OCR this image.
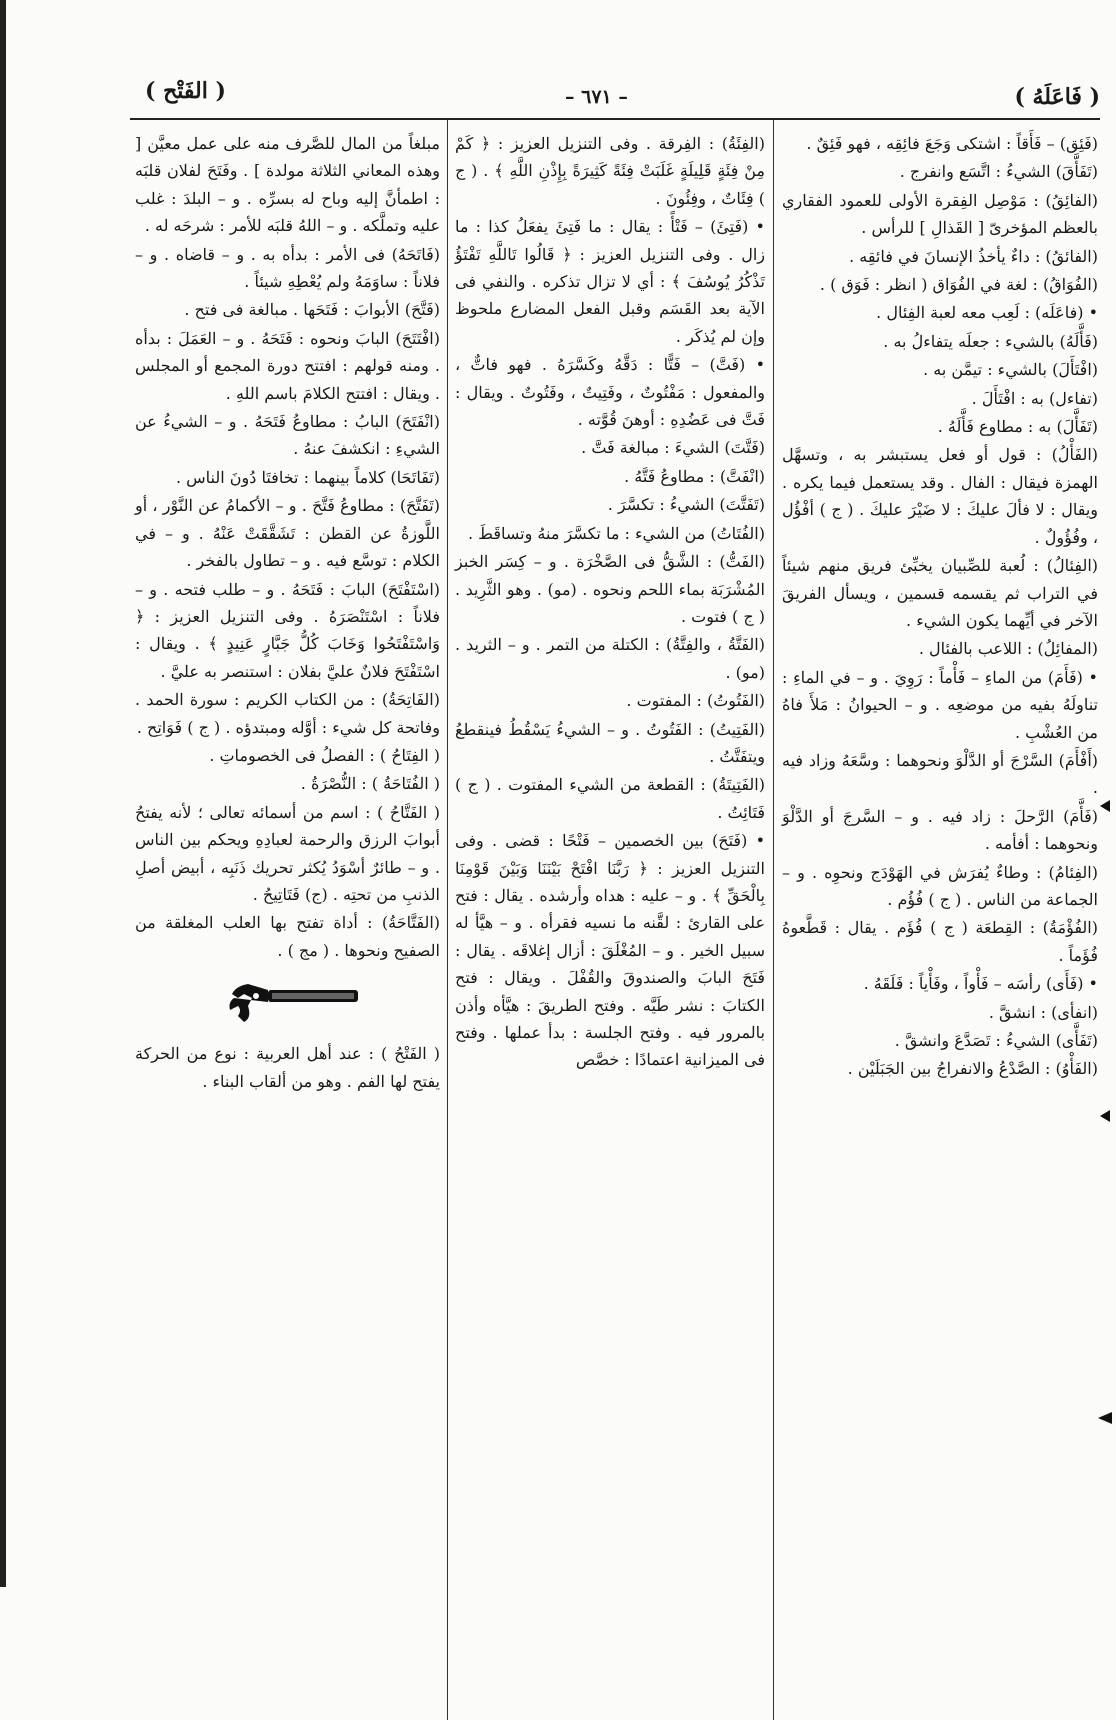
( الفَتْح )	– ٦٧١ –	( فَاعَلَهُ )

(فَئِق) – فَأَقاً : اشتكى وَجَعَ فائِقِه ، فهو فَئِقٌ .

(تَفَأَّقَ) الشيءُ : اتَّسَع وانفرج .

(الفائِقُ) : مَوْصِل الفِقرة الأولى للعمود الفقاري بالعظم المؤخرىّ [ القَذالِ ] للرأس .

(الفائقُ) : داءٌ يأخذُ الإنسانَ في فائقِه .

(الفُوَاقُ) : لغة في الفُوَاق ( انظر : فَوَق ) .

• (فاعَلَه) : لَعِب معه لعبة الفِئال .

(فَأَّلَهُ) بالشيء : جعلَه يتفاءلُ به .

(افْتَأَلَ) بالشيء : تيمَّن به .

(تفاءل) به : افْتَأَلَ .

(تَفَأَّلَ) به : مطاوع فَأَّلَهُ .

(الفَأْلُ) : قول أو فعل يستبشر به ، وتسهَّل الهمزة فيقال : الفال . وقد يستعمل فيما يكره . ويقال : لا فألَ عليكَ : لا ضَيْرَ عليكَ . ( ج ) أفْؤُل ، وفُؤُولٌ .

(الفِئالُ) : لُعبة للصِّبيان يخبِّئ فريق منهم شيئاً في التراب ثم يقسمه قسمين ، ويسأل الفريقَ الآخر في أيِّهما يكون الشيء .

(المفائِلُ) : اللاعب بالفئال .

• (فَأَمَ) من الماءِ – فَأْماً : رَوِيَ . و – في الماءِ : تناولَهُ بفيه من موضعِه . و – الحيوانُ : مَلأَ فاهُ من العُشْبِ .

(أَفْأَمَ) السَّرْجَ أو الدَّلْوَ ونحوهما : وسَّعَهُ وزاد فيه .

(فَأَّمَ) الرَّحلَ : زاد فيه . و – السَّرجَ أو الدَّلْوَ ونحوهما : أفأمه .

(الفِئامُ) : وطاءٌ يُفرَش في الهَوْدَج ونحوِه . و – الجماعة من الناس . ( ج ) فُؤُم .

(الفُؤْمَةُ) : القِطعَة ( ج ) فُؤَم . يقال : قَطَّعوهُ فُؤَماً .

• (فَأَى) رأسَه – فَأْواً ، وفَأْياً : فَلَقَهُ .

(انفأى) : انشقَّ .

(تَفَأَّى) الشيءُ : تَصَدَّعَ وانشقَّ .

(الفَأْوُ) : الصَّدْعُ والانفراجُ بين الجَبَلَيْن .

(الفِئَةُ) : الفِرقة . وفى التنزيل العزيز : ﴿ كَمْ مِنْ فِئَةٍ قَلِيلَةٍ غَلَبَتْ فِئَةً كَثِيرَةً بِإِذْنِ اللَّهِ ﴾ . ( ج ) فِئَاتٌ ، وفِئُونَ .

• (فَتِئَ) – فَتْأً : يقال : ما فَتِئَ يفعَلُ كذا : ما زال . وفى التنزيل العزيز : ﴿ قَالُوا تَاللَّهِ تَفْتَؤُ تَذْكُرُ يُوسُفَ ﴾ : أي لا تزال تذكره . والنفي فى الآية بعد القَسَم وقبل الفعل المضارع ملحوظ وإن لم يُذكَر .

• (فَتَّ) – فَتًّا : دَقَّهُ وكَسَّرَهُ . فهو فاتٌّ ، والمفعول : مَفْتُوتٌ ، وفَتِيتٌ ، وفَتُوتٌ . ويقال : فَتَّ فى عَضُدِهِ : أوهنَ قُوَّته .

(فَتَّتَ) الشيءَ : مبالغة فَتَّ .

(انْفَتَّ) : مطاوعُ فَتَّهُ .

(تَفَتَّتَ) الشيءُ : تكسَّرَ .

(الفُتَاتُ) من الشيء : ما تكسَّرَ منهُ وتساقَطَ .

(الفَتُّ) : الشَّقُّ فى الصَّخْرَة . و – كِسَر الخبز المُشْرَبَة بماء اللحم ونحوه . (مو) . وهو الثَّرِيد . ( ج ) فتوت .

(الفَتَّةُ ، والفِتَّةُ) : الكتلة من التمر . و – الثريد . (مو) .

(الفَتُوتُ) : المفتوت .

(الفَتِيتُ) : الفَتُوتُ . و – الشيءُ يَسْقُطُ فينقطعُ ويتفَتَّتُ .

(الفَتِيتَةُ) : القطعة من الشيء المفتوت . ( ج ) فَتَائِتُ .

• (فَتَحَ) بين الخصمين – فَتْحًا : قضى . وفى التنزيل العزيز : ﴿ رَبَّنَا افْتَحْ بَيْنَنَا وَبَيْنَ قَوْمِنَا بِالْحَقِّ ﴾ . و – عليه : هداه وأرشده . يقال : فتح على القارئ : لقَّنه ما نسيه فقرأه . و – هيَّأ له سبيل الخير . و – المُغْلَقَ : أزال إغلاقَه . يقال : فَتَحَ البابَ والصندوقَ والقُفْلَ . ويقال : فتح الكتابَ : نشر طَيَّه . وفتح الطريقَ : هيَّأه وأذن بالمرور فيه . وفتح الجلسة : بدأ عملها . وفتح فى الميزانية اعتمادًا : خصَّص

مبلغاً من المال للصَّرف منه على عمل معيَّن [ وهذه المعاني الثلاثة مولدة ] . وفَتَحَ لفلان قلبَه : اطمأنَّ إليه وباح له بسرِّه . و – البلدَ : غلب عليه وتملَّكه . و – اللهُ قلبَه للأمر : شرحَه له .

(فَاتَحَهُ) فى الأمر : بدأه به . و – قاضاه . و – فلاناً : ساوَمَهُ ولم يُعْطِهِ شيئاً .

(فَتَّحَ) الأبوابَ : فَتَحَها . مبالغة فى فتح .

(افْتَتَحَ) البابَ ونحوه : فَتَحَهُ . و – العَمَلَ : بدأه . ومنه قولهم : افتتح دورة المجمع أو المجلس . ويقال : افتتح الكلامَ باسم اللهِ .

(انْفَتَحَ) البابُ : مطاوعُ فَتَحَهُ . و – الشيءُ عن الشيءِ : انكشفَ عنهُ .

(تَفَاتَحَا) كلاماً بينهما : تخافتَا دُونَ الناس .

(تَفَتَّحَ) : مطاوعُ فَتَّحَ . و – الأكمامُ عن النَّوْر ، أو اللَّوزةُ عن القطن : تَشَقَّقَتْ عَنْهُ . و – في الكلام : توسَّع فيه . و – تطاول بالفخر .

(اسْتَفْتَحَ) البابَ : فَتَحَهُ . و – طلب فتحه . و – فلاناً : اسْتَنْصَرَهُ . وفى التنزيل العزيز : ﴿ وَاسْتَفْتَحُوا وَخَابَ كُلُّ جَبَّارٍ عَنِيدٍ ﴾ . ويقال : اسْتَفْتَحَ فلانٌ عليَّ بفلان : استنصر به عليَّ .

(الفَاتِحَةُ) : من الكتاب الكريم : سورة الحمد . وفاتحة كل شيء : أوَّله ومبتدؤه . ( ج ) فَوَاتِح .

( الفِتَاحُ ) : الفصلُ فى الخصوماتِ .

( الفُتَاحَةُ ) : النُّصْرَةُ .

( الفَتَّاحُ ) : اسم من أسمائه تعالى ؛ لأنه يفتحُ أبوابَ الرزق والرحمة لعبادِهِ ويحكم بين الناس . و – طائرٌ أسْوَدُ يُكثر تحريك ذَنَبِه ، أبيض أصلِ الذنبِ من تحتِه . (ج) فَتَاتِيحُ .

(الفَتَّاحَةُ) : أداة تفتح بها العلب المغلقة من الصفيح ونحوها . ( مج ) .

( الفَتْحُ ) : عند أهل العربية : نوع من الحركة يفتح لها الفم . وهو من ألقاب البناء .
